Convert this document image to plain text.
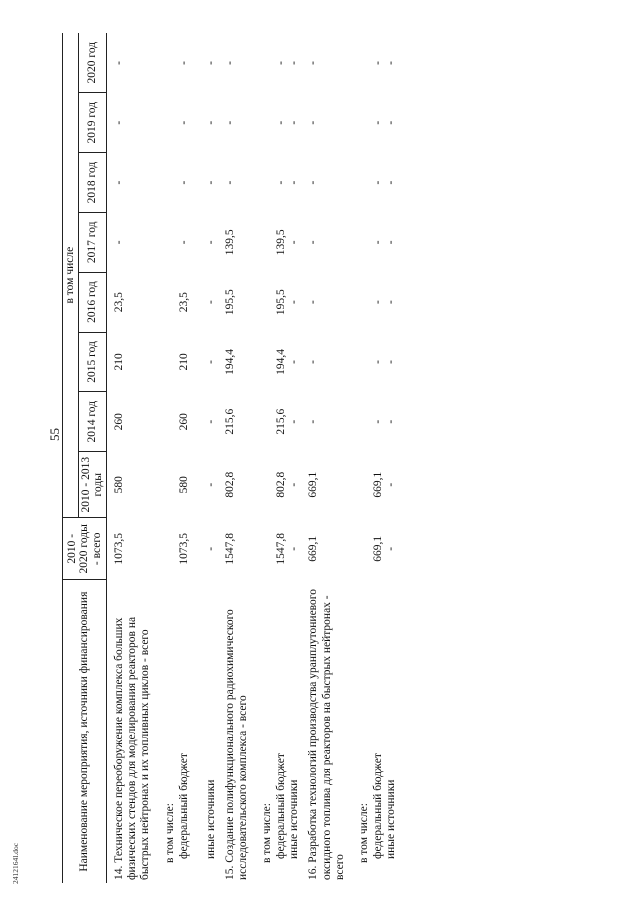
55
2412164l.doc	Наименование мероприятия, источники финансирования	2010 - 2020 годы - всего	в том числе							
		2010 - 2013 годы	2014 год	2015 год	2016 год	2017 год	2018 год	2019 год	2020 год
14. Техническое переоборужение комплекса больших физических стендов для моделирования реакторов на быстрых нейтронах и их топливных циклов - всего	1073,5	580	260	210	23,5	-	-	-	-
в том числе:									
федеральный бюджет	1073,5	580	260	210	23,5	-	-	-	-
иные источники	-	-	-	-	-	-	-	-	-
15. Создание полифункционального радиохимического исследовательского комплекса - всего	1547,8	802,8	215,6	194,4	195,5	139,5	-	-	-
в том числе:									
федеральный бюджет	1547,8	802,8	215,6	194,4	195,5	139,5	-	-	-
иные источники	-	-	-	-	-	-	-	-	-
16. Разработка технологий производства уранплутониевого оксидного топлива для реакторов на быстрых нейтронах - всего	669,1	669,1	-	-	-	-	-	-	-
в том числе:									
федеральный бюджет	669,1	669,1	-	-	-	-	-	-	-
иные источники	-	-	-	-	-	-	-	-	-
